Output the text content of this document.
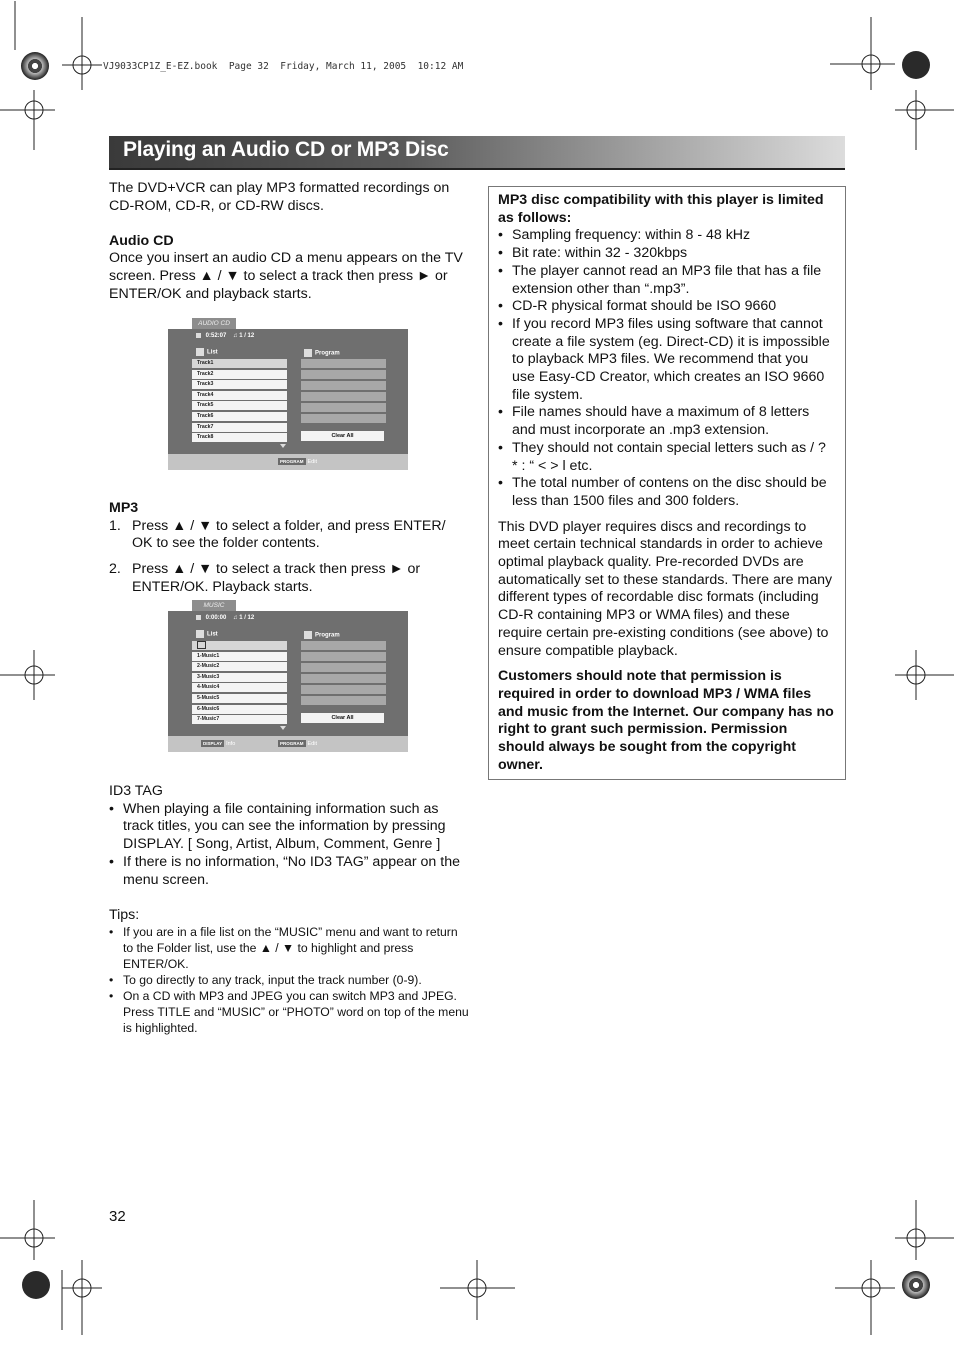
VJ9033CP1Z_E-EZ.book  Page 32  Friday, March 11, 2005  10:12 AM
Playing an Audio CD or MP3 Disc

The DVD+VCR can play MP3 formatted recordings on CD-ROM, CD-R, or CD-RW discs.

Audio CD

Once you insert an audio CD a menu appears on the TV screen. Press ▲ / ▼ to select a track then press ► or ENTER/OK and playback starts.

MP3

1. Press ▲ / ▼ to select a folder, and press ENTER/ OK to see the folder contents.
2. Press ▲ / ▼ to select a track then press ► or ENTER/OK. Playback starts.

ID3 TAG

• When playing a file containing information such as track titles, you can see the information by pressing DISPLAY. [ Song, Artist, Album, Comment, Genre ]
• If there is no information, “No ID3 TAG” appear on the menu screen.

Tips:

• If you are in a file list on the “MUSIC” menu and want to return to the Folder list, use the ▲ / ▼ to highlight and press ENTER/OK.
• To go directly to any track, input the track number (0-9).
• On a CD with MP3 and JPEG you can switch MP3 and JPEG. Press TITLE and “MUSIC” or “PHOTO” word on top of the menu is highlighted.
AUDIO CD
0:52:07 ♫ 1 / 12
List	Program
Track1
Track2
Track3
Track4
Track5
Track6
Track7
Track8	Clear All
PROGRAM Edit
MUSIC
0:00:00 ♫ 1 / 12
List	Program
1-Music1
2-Music2
3-Music3
4-Music4
5-Music5
6-Music6
7-Music7	Clear All
DISPLAY Info	PROGRAM Edit

MP3 disc compatibility with this player is limited as follows:

• Sampling frequency: within 8 - 48 kHz
• Bit rate: within 32 - 320kbps
• The player cannot read an MP3 file that has a file extension other than “.mp3”.
• CD-R physical format should be ISO 9660
• If you record MP3 files using software that cannot create a file system (eg. Direct-CD) it is impossible to playback MP3 files. We recommend that you use Easy-CD Creator, which creates an ISO 9660 file system.
• File names should have a maximum of 8 letters and must incorporate an .mp3 extension.
• They should not contain special letters such as / ? * : “ < > l etc.
• The total number of contens on the disc should be less than 1500 files and 300 folders.

This DVD player requires discs and recordings to meet certain technical standards in order to achieve optimal playback quality. Pre-recorded DVDs are automatically set to these standards. There are many different types of recordable disc formats (including CD-R containing MP3 or WMA files) and these require certain pre-existing conditions (see above) to ensure compatible playback.

Customers should note that permission is required in order to download MP3 / WMA files and music from the Internet. Our company has no right to grant such permission. Permission should always be sought from the copyright owner.

32
